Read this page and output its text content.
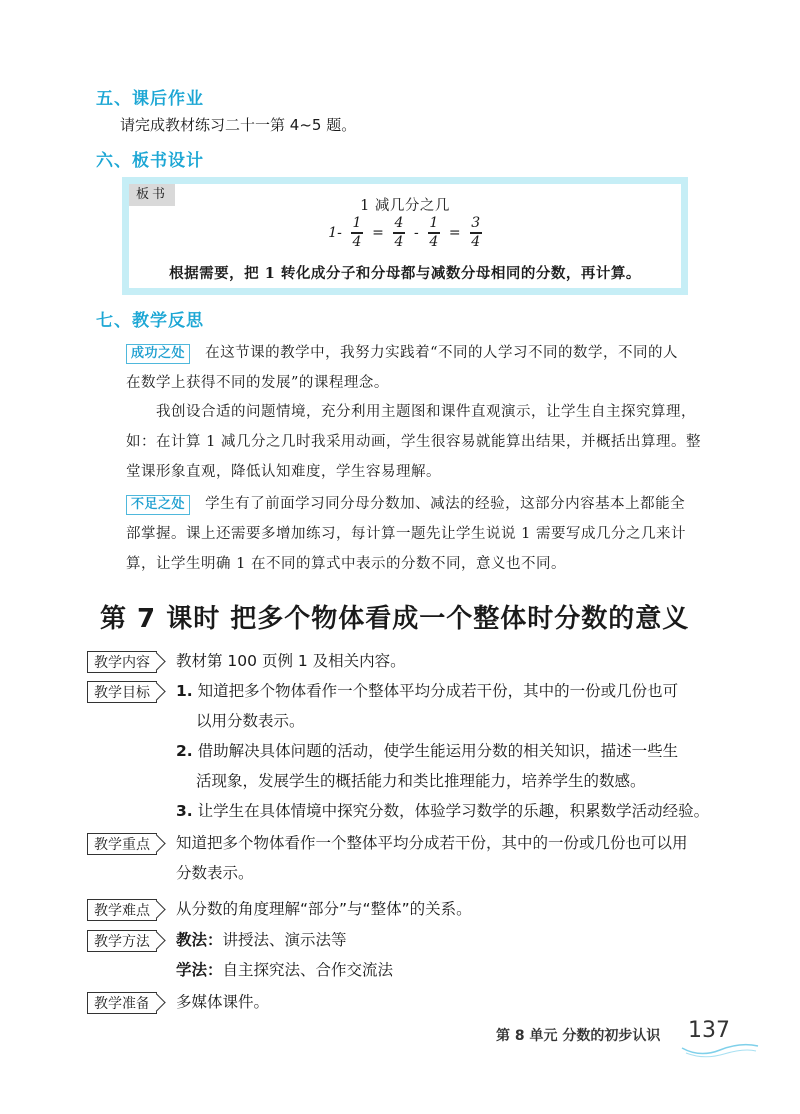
五、课后作业
请完成教材练习二十一第 4~5 题。
六、板书设计
板书
1 减几分之几
$1- \frac{1}{4} = \frac{4}{4} - \frac{1}{4} = \frac{3}{4}$
根据需要，把 1 转化成分子和分母都与减数分母相同的分数，再计算。
七、教学反思
成功之处 在这节课的教学中，我努力实践着“不同的人学习不同的数学，不同的人
在数学上获得不同的发展”的课程理念。
我创设合适的问题情境，充分利用主题图和课件直观演示，让学生自主探究算理，
如：在计算 1 减几分之几时我采用动画，学生很容易就能算出结果，并概括出算理。整
堂课形象直观，降低认知难度，学生容易理解。
不足之处 学生有了前面学习同分母分数加、减法的经验，这部分内容基本上都能全
部掌握。课上还需要多增加练习，每计算一题先让学生说说 1 需要写成几分之几来计
算，让学生明确 1 在不同的算式中表示的分数不同，意义也不同。
第 7 课时 把多个物体看成一个整体时分数的意义
教学内容	教材第 100 页例 1 及相关内容。
教学目标	1. 知道把多个物体看作一个整体平均分成若干份，其中的一份或几份也可
以用分数表示。
2. 借助解决具体问题的活动，使学生能运用分数的相关知识，描述一些生
活现象，发展学生的概括能力和类比推理能力，培养学生的数感。
3. 让学生在具体情境中探究分数，体验学习数学的乐趣，积累数学活动经验。
教学重点	知道把多个物体看作一个整体平均分成若干份，其中的一份或几份也可以用
分数表示。
教学难点	从分数的角度理解“部分”与“整体”的关系。
教学方法	教法：讲授法、演示法等
学法：自主探究法、合作交流法
教学准备	多媒体课件。
第 8 单元 分数的初步认识 137
